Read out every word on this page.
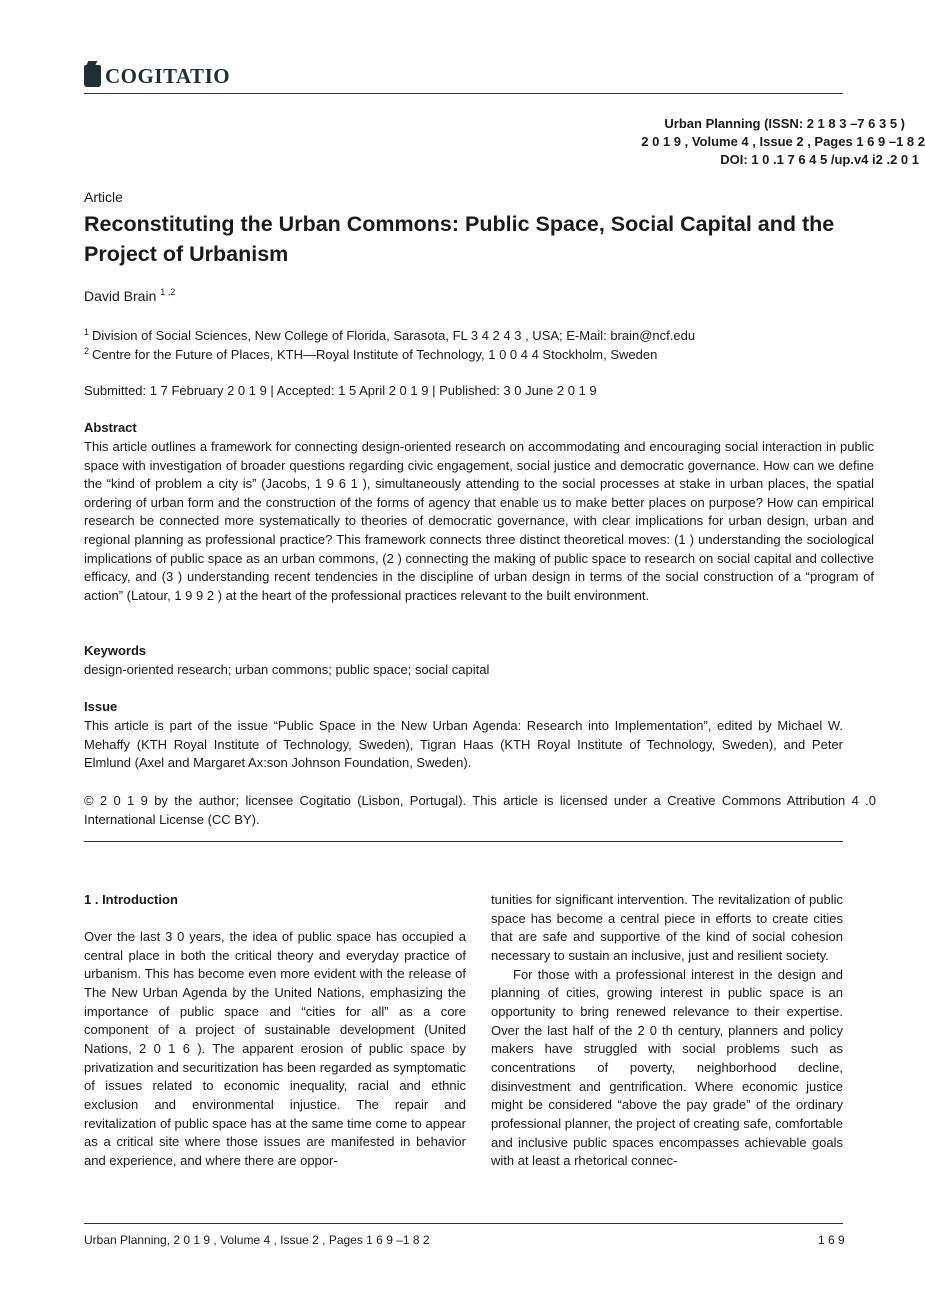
COGITATIO
Urban Planning (ISSN: 2 1 8 3 –7 6 3 5 )
2 0 1 9 , Volume 4 , Issue 2 , Pages 1 6 9 –1 8 2
DOI: 1 0 .1 7 6 4 5 /up.v4 i2 .2 0 1
Article
Reconstituting the Urban Commons: Public Space, Social Capital and the Project of Urbanism
David Brain $^{1 ,2}$
$^1$ Division of Social Sciences, New College of Florida, Sarasota, FL 3 4 2 4 3 , USA; E-Mail: brain@ncf.edu
$^2$ Centre for the Future of Places, KTH—Royal Institute of Technology, 1 0 0 4 4 Stockholm, Sweden
Submitted: 1 7 February 2 0 1 9 | Accepted: 1 5 April 2 0 1 9 | Published: 3 0 June 2 0 1 9
Abstract
This article outlines a framework for connecting design-oriented research on accommodating and encouraging social interaction in public space with investigation of broader questions regarding civic engagement, social justice and democratic governance. How can we define the “kind of problem a city is” (Jacobs, 1 9 6 1 ), simultaneously attending to the social processes at stake in urban places, the spatial ordering of urban form and the construction of the forms of agency that enable us to make better places on purpose? How can empirical research be connected more systematically to theories of democratic governance, with clear implications for urban design, urban and regional planning as professional practice? This framework connects three distinct theoretical moves: (1 ) understanding the sociological implications of public space as an urban commons, (2 ) connecting the making of public space to research on social capital and collective efficacy, and (3 ) understanding recent tendencies in the discipline of urban design in terms of the social construction of a “program of action” (Latour, 1 9 9 2 ) at the heart of the professional practices relevant to the built environment.
Keywords
design-oriented research; urban commons; public space; social capital
Issue
This article is part of the issue “Public Space in the New Urban Agenda: Research into Implementation”, edited by Michael W. Mehaffy (KTH Royal Institute of Technology, Sweden), Tigran Haas (KTH Royal Institute of Technology, Sweden), and Peter Elmlund (Axel and Margaret Ax:son Johnson Foundation, Sweden).
© 2 0 1 9 by the author; licensee Cogitatio (Lisbon, Portugal). This article is licensed under a Creative Commons Attribution 4 .0 International License (CC BY).

1 . Introduction

Over the last 3 0 years, the idea of public space has occupied a central place in both the critical theory and everyday practice of urbanism. This has become even more evident with the release of The New Urban Agenda by the United Nations, emphasizing the importance of public space and “cities for all” as a core component of a project of sustainable development (United Nations, 2 0 1 6 ). The apparent erosion of public space by privatization and securitization has been regarded as symptomatic of issues related to economic inequality, racial and ethnic exclusion and environmental injustice. The repair and revitalization of public space has at the same time come to appear as a critical site where those issues are manifested in behavior and experience, and where there are oppor-

tunities for significant intervention. The revitalization of public space has become a central piece in efforts to create cities that are safe and supportive of the kind of social cohesion necessary to sustain an inclusive, just and resilient society.

For those with a professional interest in the design and planning of cities, growing interest in public space is an opportunity to bring renewed relevance to their expertise. Over the last half of the 2 0 th century, planners and policy makers have struggled with social problems such as concentrations of poverty, neighborhood decline, disinvestment and gentrification. Where economic justice might be considered “above the pay grade” of the ordinary professional planner, the project of creating safe, comfortable and inclusive public spaces encompasses achievable goals with at least a rhetorical connec-

Urban Planning, 2 0 1 9 , Volume 4 , Issue 2 , Pages 1 6 9 –1 8 2	1 6 9
